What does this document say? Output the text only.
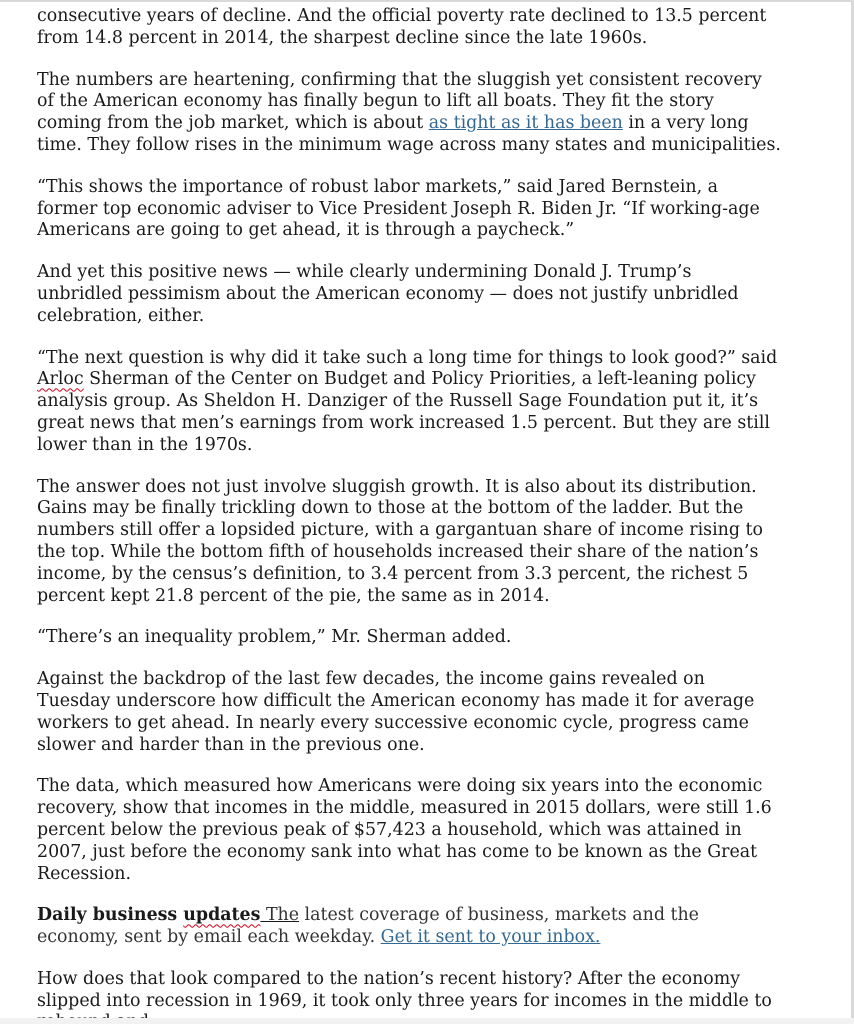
consecutive years of decline. And the official poverty rate declined to 13.5 percent from 14.8 percent in 2014, the sharpest decline since the late 1960s.

The numbers are heartening, confirming that the sluggish yet consistent recovery of the American economy has finally begun to lift all boats. They fit the story coming from the job market, which is about as tight as it has been in a very long time. They follow rises in the minimum wage across many states and municipalities.

“This shows the importance of robust labor markets,” said Jared Bernstein, a former top economic adviser to Vice President Joseph R. Biden Jr. “If working-age Americans are going to get ahead, it is through a paycheck.”

And yet this positive news — while clearly undermining Donald J. Trump’s unbridled pessimism about the American economy — does not justify unbridled celebration, either.

“The next question is why did it take such a long time for things to look good?” said Arloc Sherman of the Center on Budget and Policy Priorities, a left-leaning policy analysis group. As Sheldon H. Danziger of the Russell Sage Foundation put it, it’s great news that men’s earnings from work increased 1.5 percent. But they are still lower than in the 1970s.

The answer does not just involve sluggish growth. It is also about its distribution. Gains may be finally trickling down to those at the bottom of the ladder. But the numbers still offer a lopsided picture, with a gargantuan share of income rising to the top. While the bottom fifth of households increased their share of the nation’s income, by the census’s definition, to 3.4 percent from 3.3 percent, the richest 5 percent kept 21.8 percent of the pie, the same as in 2014.

“There’s an inequality problem,” Mr. Sherman added.

Against the backdrop of the last few decades, the income gains revealed on Tuesday underscore how difficult the American economy has made it for average workers to get ahead. In nearly every successive economic cycle, progress came slower and harder than in the previous one.

The data, which measured how Americans were doing six years into the economic recovery, show that incomes in the middle, measured in 2015 dollars, were still 1.6 percent below the previous peak of $57,423 a household, which was attained in 2007, just before the economy sank into what has come to be known as the Great Recession.

Daily business updates The latest coverage of business, markets and the economy, sent by email each weekday. Get it sent to your inbox.

How does that look compared to the nation’s recent history? After the economy slipped into recession in 1969, it took only three years for incomes in the middle to
